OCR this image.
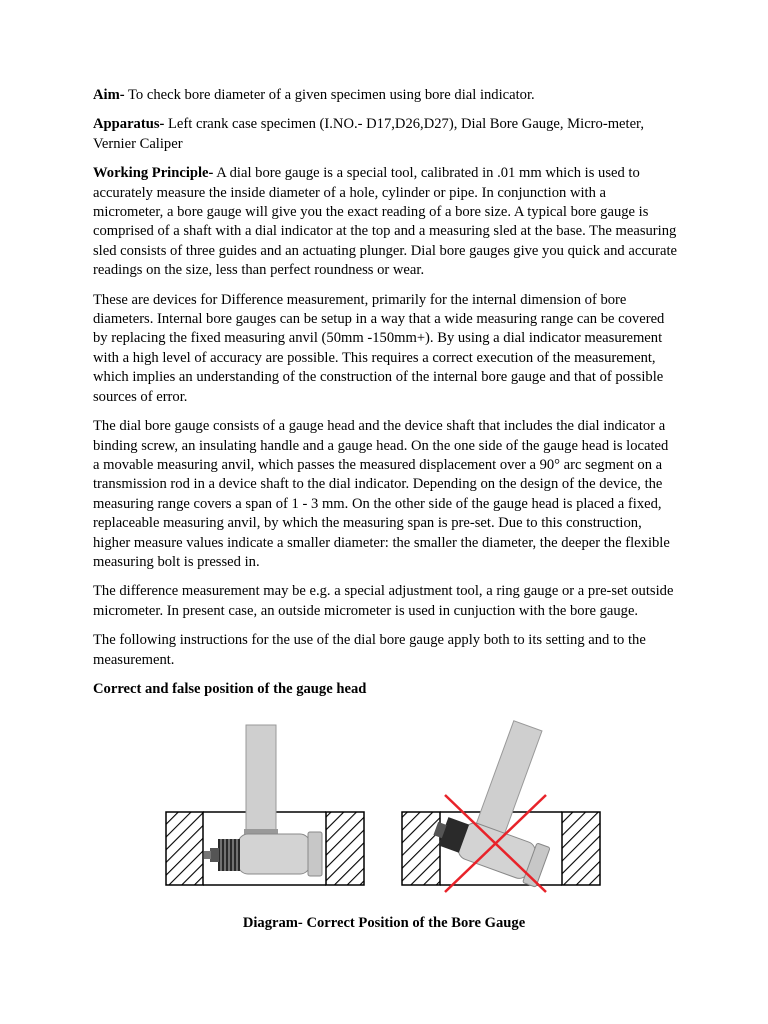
Aim- To check bore diameter of a given specimen using bore dial indicator.

Apparatus- Left crank case specimen (I.NO.- D17,D26,D27), Dial Bore Gauge, Micro-meter, Vernier Caliper

Working Principle- A dial bore gauge is a special tool, calibrated in .01 mm which is used to accurately measure the inside diameter of a hole, cylinder or pipe. In conjunction with a micrometer, a bore gauge will give you the exact reading of a bore size. A typical bore gauge is comprised of a shaft with a dial indicator at the top and a measuring sled at the base. The measuring sled consists of three guides and an actuating plunger. Dial bore gauges give you quick and accurate readings on the size, less than perfect roundness or wear.

These are devices for Difference measurement, primarily for the internal dimension of bore diameters. Internal bore gauges can be setup in a way that a wide measuring range can be covered by replacing the fixed measuring anvil (50mm -150mm+). By using a dial indicator measurement with a high level of accuracy are possible. This requires a correct execution of the measurement, which implies an understanding of the construction of the internal bore gauge and that of possible sources of error.

The dial bore gauge consists of a gauge head and the device shaft that includes the dial indicator a binding screw, an insulating handle and a gauge head. On the one side of the gauge head is located a movable measuring anvil, which passes the measured displacement over a 90° arc segment on a transmission rod in a device shaft to the dial indicator. Depending on the design of the device, the measuring range covers a span of 1 - 3 mm. On the other side of the gauge head is placed a fixed, replaceable measuring anvil, by which the measuring span is pre-set. Due to this construction, higher measure values indicate a smaller diameter: the smaller the diameter, the deeper the flexible measuring bolt is pressed in.

The difference measurement may be e.g. a special adjustment tool, a ring gauge or a pre-set outside micrometer. In present case, an outside micrometer is used in cunjuction with the bore gauge.

The following instructions for the use of the dial bore gauge apply both to its setting and to the measurement.

Correct and false position of the gauge head
Diagram- Correct Position of the Bore Gauge
